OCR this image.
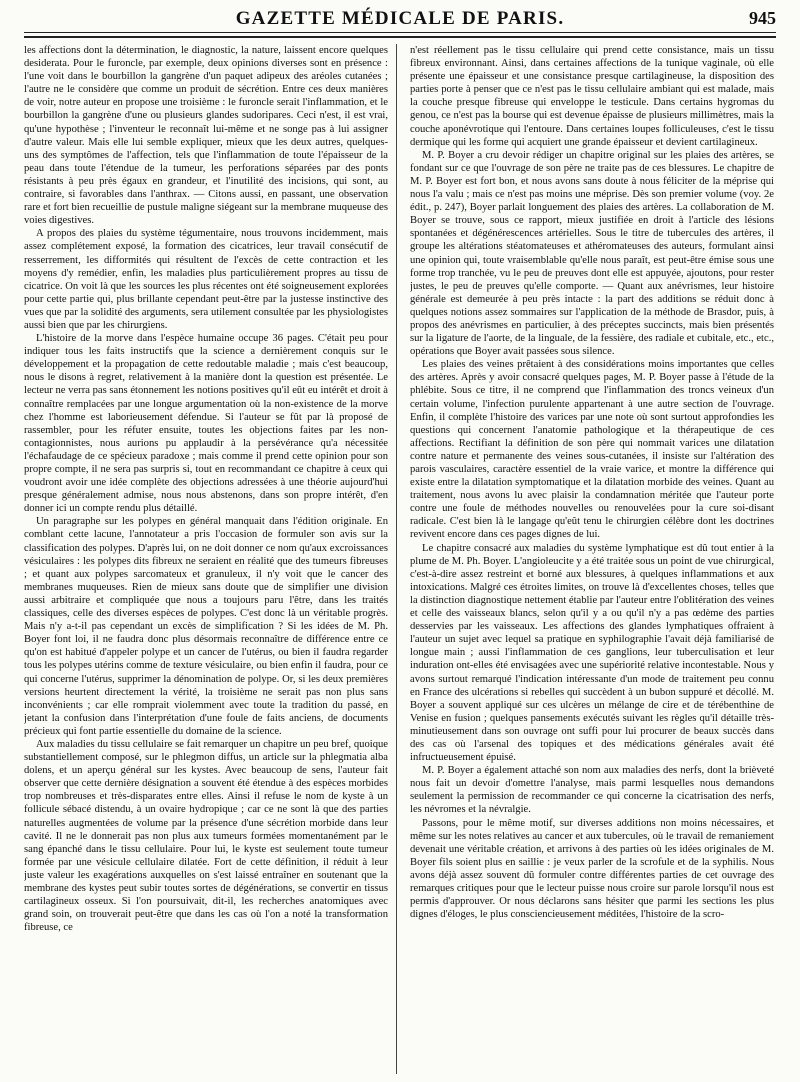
GAZETTE MÉDICALE DE PARIS.	945

les affections dont la détermination, le diagnostic, la nature, laissent encore quelques desiderata. Pour le furoncle, par exemple, deux opinions diverses sont en présence : l'une voit dans le bourbillon la gangrène d'un paquet adipeux des aréoles cutanées ; l'autre ne le considère que comme un produit de sécrétion. Entre ces deux manières de voir, notre auteur en propose une troisième : le furoncle serait l'inflammation, et le bourbillon la gangrène d'une ou plusieurs glandes sudoripares. Ceci n'est, il est vrai, qu'une hypothèse ; l'inventeur le reconnaît lui-même et ne songe pas à lui assigner d'autre valeur. Mais elle lui semble expliquer, mieux que les deux autres, quelques-uns des symptômes de l'affection, tels que l'inflammation de toute l'épaisseur de la peau dans toute l'étendue de la tumeur, les perforations séparées par des ponts résistants à peu près égaux en grandeur, et l'inutilité des incisions, qui sont, au contraire, si favorables dans l'anthrax. — Citons aussi, en passant, une observation rare et fort bien recueillie de pustule maligne siégeant sur la membrane muqueuse des voies digestives.

A propos des plaies du système tégumentaire, nous trouvons incidemment, mais assez complétement exposé, la formation des cicatrices, leur travail consécutif de resserrement, les difformités qui résultent de l'excès de cette contraction et les moyens d'y remédier, enfin, les maladies plus particulièrement propres au tissu de cicatrice. On voit là que les sources les plus récentes ont été soigneusement explorées pour cette partie qui, plus brillante cependant peut-être par la justesse instinctive des vues que par la solidité des arguments, sera utilement consultée par les physiologistes aussi bien que par les chirurgiens.

L'histoire de la morve dans l'espèce humaine occupe 36 pages. C'était peu pour indiquer tous les faits instructifs que la science a dernièrement conquis sur le développement et la propagation de cette redoutable maladie ; mais c'est beaucoup, nous le disons à regret, relativement à la manière dont la question est présentée. Le lecteur ne verra pas sans étonnement les notions positives qu'il eût eu intérêt et droit à connaître remplacées par une longue argumentation où la non-existence de la morve chez l'homme est laborieusement défendue. Si l'auteur se fût par là proposé de rassembler, pour les réfuter ensuite, toutes les objections faites par les non-contagionnistes, nous aurions pu applaudir à la persévérance qu'a nécessitée l'échafaudage de ce spécieux paradoxe ; mais comme il prend cette opinion pour son propre compte, il ne sera pas surpris si, tout en recommandant ce chapitre à ceux qui voudront avoir une idée complète des objections adressées à une théorie aujourd'hui presque généralement admise, nous nous abstenons, dans son propre intérêt, d'en donner ici un compte rendu plus détaillé.

Un paragraphe sur les polypes en général manquait dans l'édition originale. En comblant cette lacune, l'annotateur a pris l'occasion de formuler son avis sur la classification des polypes. D'après lui, on ne doit donner ce nom qu'aux excroissances vésiculaires : les polypes dits fibreux ne seraient en réalité que des tumeurs fibreuses ; et quant aux polypes sarcomateux et granuleux, il n'y voit que le cancer des membranes muqueuses. Rien de mieux sans doute que de simplifier une division aussi arbitraire et compliquée que nous a toujours paru l'être, dans les traités classiques, celle des diverses espèces de polypes. C'est donc là un véritable progrès. Mais n'y a-t-il pas cependant un excès de simplification ? Si les idées de M. Ph. Boyer font loi, il ne faudra donc plus désormais reconnaître de différence entre ce qu'on est habitué d'appeler polype et un cancer de l'utérus, ou bien il faudra regarder tous les polypes utérins comme de texture vésiculaire, ou bien enfin il faudra, pour ce qui concerne l'utérus, supprimer la dénomination de polype. Or, si les deux premières versions heurtent directement la vérité, la troisième ne serait pas non plus sans inconvénients ; car elle romprait violemment avec toute la tradition du passé, en jetant la confusion dans l'interprétation d'une foule de faits anciens, de documents précieux qui font partie essentielle du domaine de la science.

Aux maladies du tissu cellulaire se fait remarquer un chapitre un peu bref, quoique substantiellement composé, sur le phlegmon diffus, un article sur la phlegmatia alba dolens, et un aperçu général sur les kystes. Avec beaucoup de sens, l'auteur fait observer que cette dernière désignation a souvent été étendue à des espèces morbides trop nombreuses et très-disparates entre elles. Ainsi il refuse le nom de kyste à un follicule sébacé distendu, à un ovaire hydropique ; car ce ne sont là que des parties naturelles augmentées de volume par la présence d'une sécrétion morbide dans leur cavité. Il ne le donnerait pas non plus aux tumeurs formées momentanément par le sang épanché dans le tissu cellulaire. Pour lui, le kyste est seulement toute tumeur formée par une vésicule cellulaire dilatée. Fort de cette définition, il réduit à leur juste valeur les exagérations auxquelles on s'est laissé entraîner en soutenant que la membrane des kystes peut subir toutes sortes de dégénérations, se convertir en tissus cartilagineux osseux. Si l'on poursuivait, dit-il, les recherches anatomiques avec grand soin, on trouverait peut-être que dans les cas où l'on a noté la transformation fibreuse, ce

n'est réellement pas le tissu cellulaire qui prend cette consistance, mais un tissu fibreux environnant. Ainsi, dans certaines affections de la tunique vaginale, où elle présente une épaisseur et une consistance presque cartilagineuse, la disposition des parties porte à penser que ce n'est pas le tissu cellulaire ambiant qui est malade, mais la couche presque fibreuse qui enveloppe le testicule. Dans certains hygromas du genou, ce n'est pas la bourse qui est devenue épaisse de plusieurs millimètres, mais la couche aponévrotique qui l'entoure. Dans certaines loupes folliculeuses, c'est le tissu dermique qui les forme qui acquiert une grande épaisseur et devient cartilagineux.

M. P. Boyer a cru devoir rédiger un chapitre original sur les plaies des artères, se fondant sur ce que l'ouvrage de son père ne traite pas de ces blessures. Le chapitre de M. P. Boyer est fort bon, et nous avons sans doute à nous féliciter de la méprise qui nous l'a valu ; mais ce n'est pas moins une méprise. Dès son premier volume (voy. 2e édit., p. 247), Boyer parlait longuement des plaies des artères. La collaboration de M. Boyer se trouve, sous ce rapport, mieux justifiée en droit à l'article des lésions spontanées et dégénérescences artérielles. Sous le titre de tubercules des artères, il groupe les altérations stéatomateuses et athéromateuses des auteurs, formulant ainsi une opinion qui, toute vraisemblable qu'elle nous paraît, est peut-être émise sous une forme trop tranchée, vu le peu de preuves dont elle est appuyée, ajoutons, pour rester justes, le peu de preuves qu'elle comporte. — Quant aux anévrismes, leur histoire générale est demeurée à peu près intacte : la part des additions se réduit donc à quelques notions assez sommaires sur l'application de la méthode de Brasdor, puis, à propos des anévrismes en particulier, à des préceptes succincts, mais bien présentés sur la ligature de l'aorte, de la linguale, de la fessière, des radiale et cubitale, etc., etc., opérations que Boyer avait passées sous silence.

Les plaies des veines prêtaient à des considérations moins importantes que celles des artères. Après y avoir consacré quelques pages, M. P. Boyer passe à l'étude de la phlébite. Sous ce titre, il ne comprend que l'inflammation des troncs veineux d'un certain volume, l'infection purulente appartenant à une autre section de l'ouvrage. Enfin, il complète l'histoire des varices par une note où sont surtout approfondies les questions qui concernent l'anatomie pathologique et la thérapeutique de ces affections. Rectifiant la définition de son père qui nommait varices une dilatation contre nature et permanente des veines sous-cutanées, il insiste sur l'altération des parois vasculaires, caractère essentiel de la vraie varice, et montre la différence qui existe entre la dilatation symptomatique et la dilatation morbide des veines. Quant au traitement, nous avons lu avec plaisir la condamnation méritée que l'auteur porte contre une foule de méthodes nouvelles ou renouvelées pour la cure soi-disant radicale. C'est bien là le langage qu'eût tenu le chirurgien célèbre dont les doctrines revivent encore dans ces pages dignes de lui.

Le chapitre consacré aux maladies du système lymphatique est dû tout entier à la plume de M. Ph. Boyer. L'angioleucite y a été traitée sous un point de vue chirurgical, c'est-à-dire assez restreint et borné aux blessures, à quelques inflammations et aux intoxications. Malgré ces étroites limites, on trouve là d'excellentes choses, telles que la distinction diagnostique nettement établie par l'auteur entre l'oblitération des veines et celle des vaisseaux blancs, selon qu'il y a ou qu'il n'y a pas œdème des parties desservies par les vaisseaux. Les affections des glandes lymphatiques offraient à l'auteur un sujet avec lequel sa pratique en syphilographie l'avait déjà familiarisé de longue main ; aussi l'inflammation de ces ganglions, leur tuberculisation et leur induration ont-elles été envisagées avec une supériorité relative incontestable. Nous y avons surtout remarqué l'indication intéressante d'un mode de traitement peu connu en France des ulcérations si rebelles qui succèdent à un bubon suppuré et décollé. M. Boyer a souvent appliqué sur ces ulcères un mélange de cire et de térébenthine de Venise en fusion ; quelques pansements exécutés suivant les règles qu'il détaille très-minutieusement dans son ouvrage ont suffi pour lui procurer de beaux succès dans des cas où l'arsenal des topiques et des médications générales avait été infructueusement épuisé.

M. P. Boyer a également attaché son nom aux maladies des nerfs, dont la brièveté nous fait un devoir d'omettre l'analyse, mais parmi lesquelles nous demandons seulement la permission de recommander ce qui concerne la cicatrisation des nerfs, les névromes et la névralgie.

Passons, pour le même motif, sur diverses additions non moins nécessaires, et même sur les notes relatives au cancer et aux tubercules, où le travail de remaniement devenait une véritable création, et arrivons à des parties où les idées originales de M. Boyer fils soient plus en saillie : je veux parler de la scrofule et de la syphilis. Nous avons déjà assez souvent dû formuler contre différentes parties de cet ouvrage des remarques critiques pour que le lecteur puisse nous croire sur parole lorsqu'il nous est permis d'approuver. Or nous déclarons sans hésiter que parmi les sections les plus dignes d'éloges, le plus consciencieusement méditées, l'histoire de la scro-
